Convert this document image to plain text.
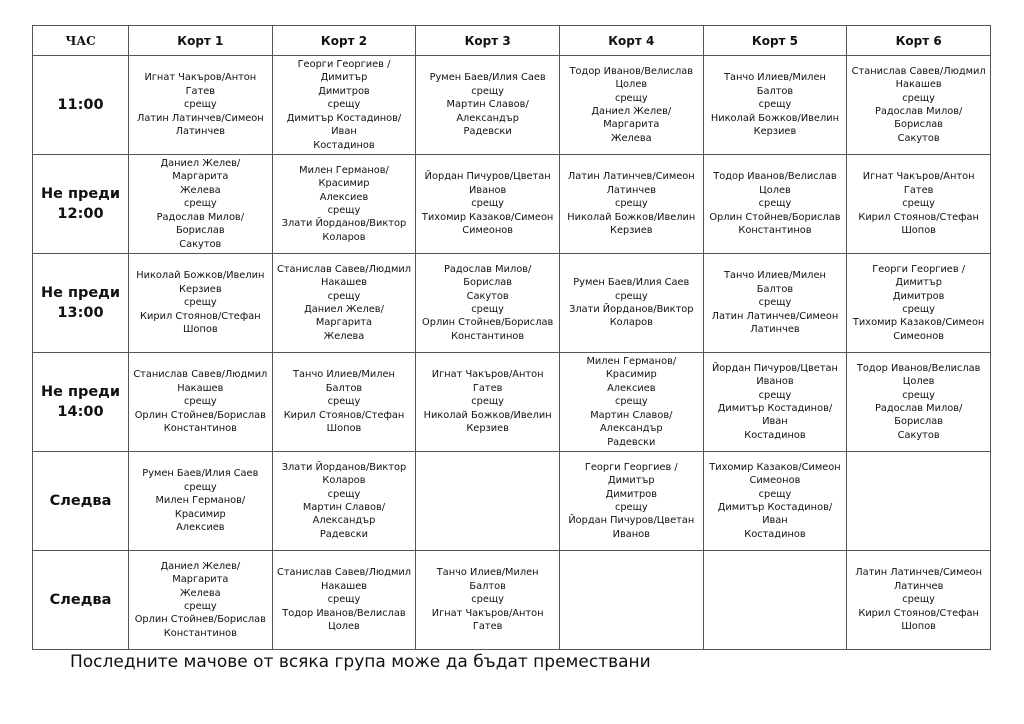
ЧАС	Корт 1	Корт 2	Корт 3	Корт 4	Корт 5	Корт 6

11:00	Игнат Чакъров/Антон Гатев
срещу
Латин Латинчев/Симеон
Латинчев	Георги Георгиев /Димитър
Димитров
срещу
Димитър Костадинов/Иван
Костадинов	Румен Баев/Илия Саев
срещу
Мартин Славов/Александър
Радевски	Тодор Иванов/Велислав
Цолев
срещу
Даниел Желев/Маргарита
Желева	Танчо Илиев/Милен Балтов
срещу
Николай Божков/Ивелин
Керзиев	Станислав Савев/Людмил
Накашев
срещу
Радослав Милов/Борислав
Сакутов

Не преди
12:00	Даниел Желев/Маргарита
Желева
срещу
Радослав Милов/Борислав
Сакутов	Милен Германов/Красимир
Алексиев
срещу
Злати Йорданов/Виктор
Коларов	Йордан Пичуров/Цветан
Иванов
срещу
Тихомир Казаков/Симеон
Симеонов	Латин Латинчев/Симеон
Латинчев
срещу
Николай Божков/Ивелин
Керзиев	Тодор Иванов/Велислав
Цолев
срещу
Орлин Стойнев/Борислав
Константинов	Игнат Чакъров/Антон Гатев
срещу
Кирил Стоянов/Стефан
Шопов

Не преди
13:00	Николай Божков/Ивелин
Керзиев
срещу
Кирил Стоянов/Стефан
Шопов	Станислав Савев/Людмил
Накашев
срещу
Даниел Желев/Маргарита
Желева	Радослав Милов/Борислав
Сакутов
срещу
Орлин Стойнев/Борислав
Константинов	Румен Баев/Илия Саев
срещу
Злати Йорданов/Виктор
Коларов	Танчо Илиев/Милен Балтов
срещу
Латин Латинчев/Симеон
Латинчев	Георги Георгиев /Димитър
Димитров
срещу
Тихомир Казаков/Симеон
Симеонов

Не преди
14:00	Станислав Савев/Людмил
Накашев
срещу
Орлин Стойнев/Борислав
Константинов	Танчо Илиев/Милен Балтов
срещу
Кирил Стоянов/Стефан
Шопов	Игнат Чакъров/Антон Гатев
срещу
Николай Божков/Ивелин
Керзиев	Милен Германов/Красимир
Алексиев
срещу
Мартин Славов/Александър
Радевски	Йордан Пичуров/Цветан
Иванов
срещу
Димитър Костадинов/Иван
Костадинов	Тодор Иванов/Велислав
Цолев
срещу
Радослав Милов/Борислав
Сакутов

Следва	Румен Баев/Илия Саев
срещу
Милен Германов/Красимир
Алексиев	Злати Йорданов/Виктор
Коларов
срещу
Мартин Славов/Александър
Радевски		Георги Георгиев /Димитър
Димитров
срещу
Йордан Пичуров/Цветан
Иванов	Тихомир Казаков/Симеон
Симеонов
срещу
Димитър Костадинов/Иван
Костадинов	

Следва	Даниел Желев/Маргарита
Желева
срещу
Орлин Стойнев/Борислав
Константинов	Станислав Савев/Людмил
Накашев
срещу
Тодор Иванов/Велислав
Цолев	Танчо Илиев/Милен Балтов
срещу
Игнат Чакъров/Антон Гатев			Латин Латинчев/Симеон
Латинчев
срещу
Кирил Стоянов/Стефан
Шопов
Последните мачове от всяка група може да бъдат премествани
